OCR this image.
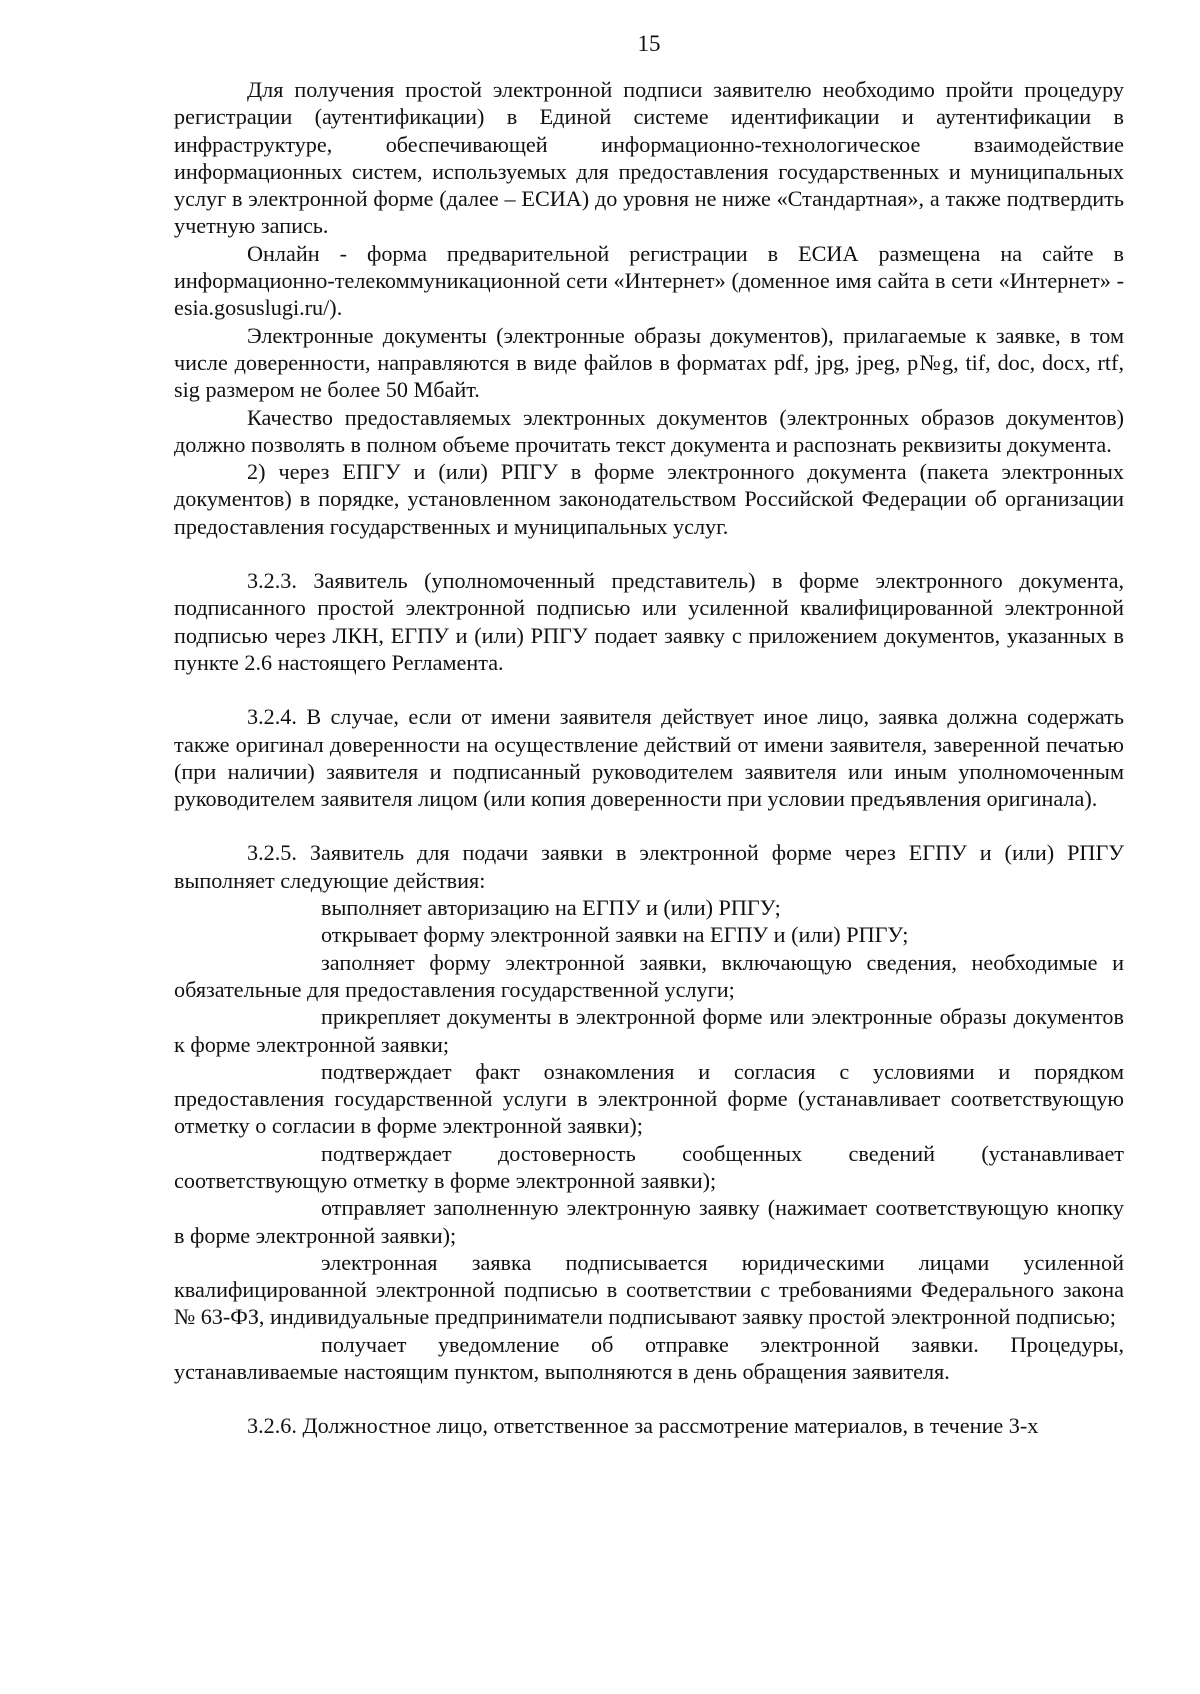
15

Для получения простой электронной подписи заявителю необходимо пройти процедуру регистрации (аутентификации) в Единой системе идентификации и аутентификации в инфраструктуре, обеспечивающей информационно-технологическое взаимодействие информационных систем, используемых для предоставления государственных и муниципальных услуг в электронной форме (далее – ЕСИА) до уровня не ниже «Стандартная», а также подтвердить учетную запись.

Онлайн - форма предварительной регистрации в ЕСИА размещена на сайте в информационно-телекоммуникационной сети «Интернет» (доменное имя сайта в сети «Интернет» - esia.gosuslugi.ru/).

Электронные документы (электронные образы документов), прилагаемые к заявке, в том числе доверенности, направляются в виде файлов в форматах pdf, jpg, jpeg, p№g, tif, doc, docx, rtf, sig размером не более 50 Мбайт.

Качество предоставляемых электронных документов (электронных образов документов) должно позволять в полном объеме прочитать текст документа и распознать реквизиты документа.

2) через ЕПГУ и (или) РПГУ в форме электронного документа (пакета электронных документов) в порядке, установленном законодательством Российской Федерации об организации предоставления государственных и муниципальных услуг.

3.2.3. Заявитель (уполномоченный представитель) в форме электронного документа, подписанного простой электронной подписью или усиленной квалифицированной электронной подписью через ЛКН, ЕГПУ и (или) РПГУ подает заявку с приложением документов, указанных в пункте 2.6 настоящего Регламента.

3.2.4. В случае, если от имени заявителя действует иное лицо, заявка должна содержать также оригинал доверенности на осуществление действий от имени заявителя, заверенной печатью (при наличии) заявителя и подписанный руководителем заявителя или иным уполномоченным руководителем заявителя лицом (или копия доверенности при условии предъявления оригинала).

3.2.5. Заявитель для подачи заявки в электронной форме через ЕГПУ и (или) РПГУ выполняет следующие действия:

выполняет авторизацию на ЕГПУ и (или) РПГУ;

открывает форму электронной заявки на ЕГПУ и (или) РПГУ;

заполняет форму электронной заявки, включающую сведения, необходимые и обязательные для предоставления государственной услуги;

прикрепляет документы в электронной форме или электронные образы документов к форме электронной заявки;

подтверждает факт ознакомления и согласия с условиями и порядком предоставления государственной услуги в электронной форме (устанавливает соответствующую отметку о согласии в форме электронной заявки);

подтверждает достоверность сообщенных сведений (устанавливает соответствующую отметку в форме электронной заявки);

отправляет заполненную электронную заявку (нажимает соответствующую кнопку в форме электронной заявки);

электронная заявка подписывается юридическими лицами усиленной квалифицированной электронной подписью в соответствии с требованиями Федерального закона № 63-ФЗ, индивидуальные предприниматели подписывают заявку простой электронной подписью;

получает уведомление об отправке электронной заявки. Процедуры, устанавливаемые настоящим пунктом, выполняются в день обращения заявителя.

3.2.6. Должностное лицо, ответственное за рассмотрение материалов, в течение 3-х
